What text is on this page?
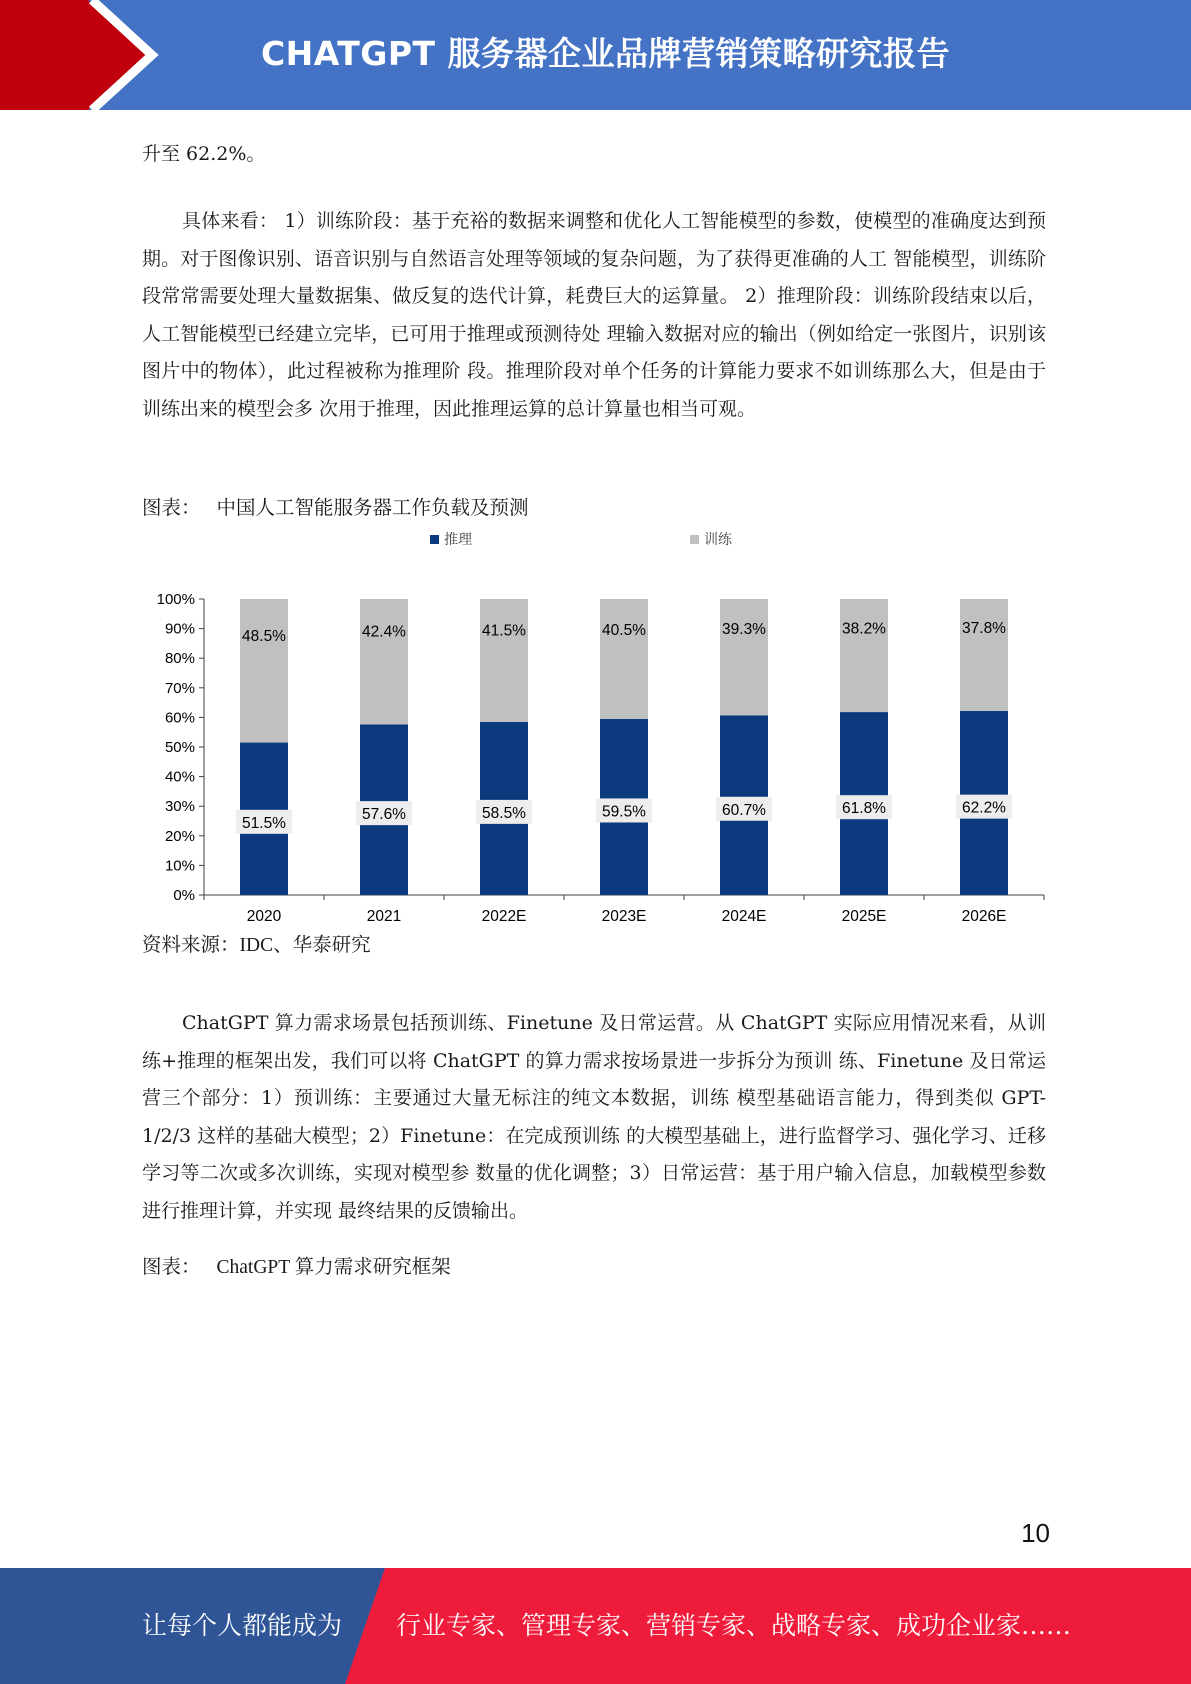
CHATGPT 服务器企业品牌营销策略研究报告

升至 62.2%。

具体来看： 1）训练阶段：基于充裕的数据来调整和优化人工智能模型的参数，使模型的准确度达到预 期。对于图像识别、语音识别与自然语言处理等领域的复杂问题，为了获得更准确的人工 智能模型，训练阶段常常需要处理大量数据集、做反复的迭代计算，耗费巨大的运算量。 2）推理阶段：训练阶段结束以后，人工智能模型已经建立完毕，已可用于推理或预测待处 理输入数据对应的输出（例如给定一张图片，识别该图片中的物体），此过程被称为推理阶 段。推理阶段对单个任务的计算能力要求不如训练那么大，但是由于训练出来的模型会多 次用于推理，因此推理运算的总计算量也相当可观。

图表： 中国人工智能服务器工作负载及预测

推理	训练
0%
10%
20%
30%
40%
50%
60%
70%
80%
90%
100%
51.5%
48.5%
2020
57.6%
42.4%
2021
58.5%
41.5%
2022E
59.5%
40.5%
2023E
60.7%
39.3%
2024E
61.8%
38.2%
2025E
62.2%
37.8%
2026E

资料来源：IDC、华泰研究

ChatGPT 算力需求场景包括预训练、Finetune 及日常运营。从 ChatGPT 实际应用情况来看，从训练+推理的框架出发，我们可以将 ChatGPT 的算力需求按场景进一步拆分为预训 练、Finetune 及日常运营三个部分：1）预训练：主要通过大量无标注的纯文本数据，训练 模型基础语言能力，得到类似 GPT-1/2/3 这样的基础大模型；2）Finetune：在完成预训练 的大模型基础上，进行监督学习、强化学习、迁移学习等二次或多次训练，实现对模型参 数量的优化调整；3）日常运营：基于用户输入信息，加载模型参数进行推理计算，并实现 最终结果的反馈输出。

图表： ChatGPT 算力需求研究框架

10
让每个人都能成为 行业专家、管理专家、营销专家、战略专家、成功企业家……
